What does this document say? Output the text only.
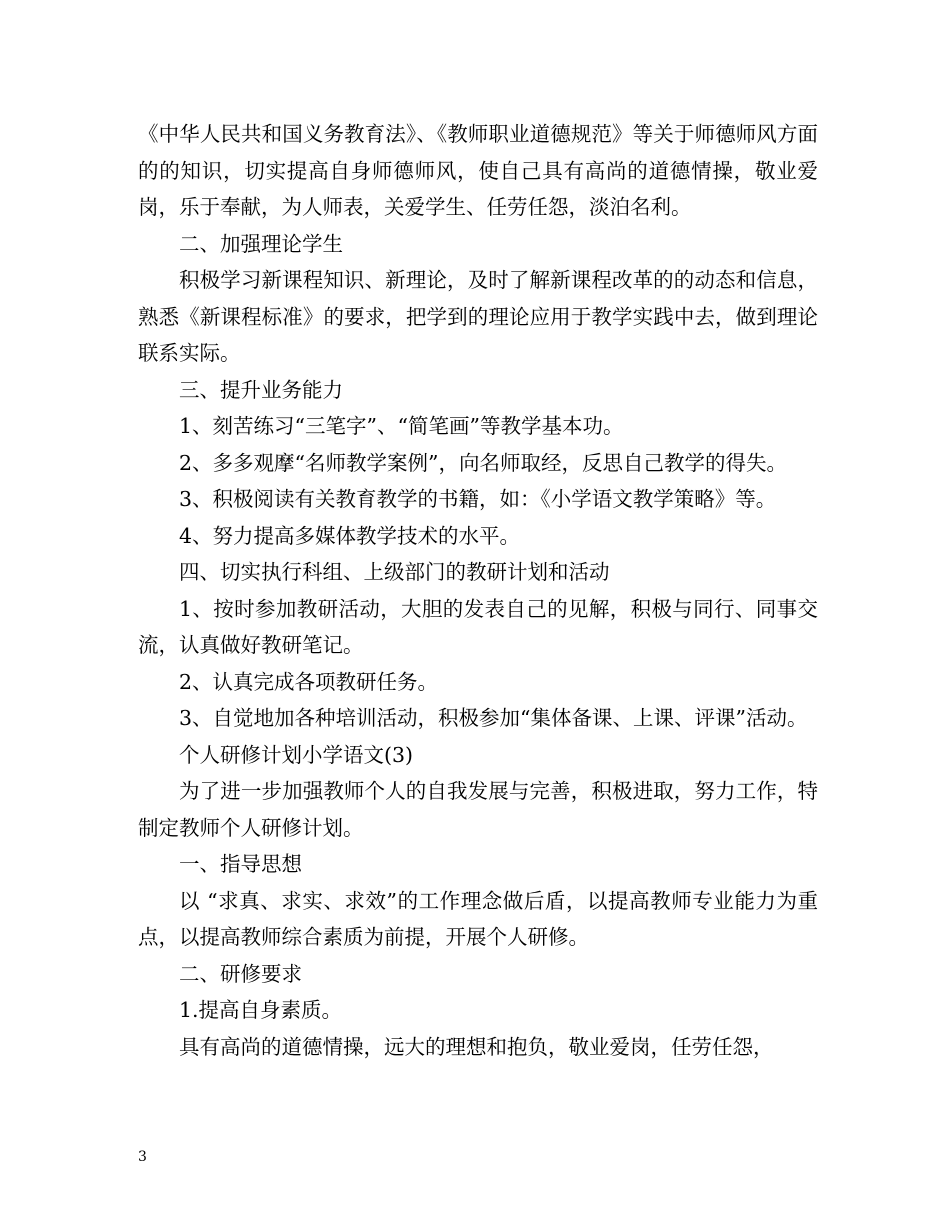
《中华人民共和国义务教育法》、《教师职业道德规范》等关于师德师风方面的的知识，切实提高自身师德师风，使自己具有高尚的道德情操，敬业爱岗，乐于奉献，为人师表，关爱学生、任劳任怨，淡泊名利。

二、加强理论学生

积极学习新课程知识、新理论，及时了解新课程改革的的动态和信息，熟悉《新课程标准》的要求，把学到的理论应用于教学实践中去，做到理论联系实际。

三、提升业务能力

1、刻苦练习“三笔字”、“简笔画”等教学基本功。

2、多多观摩“名师教学案例”，向名师取经，反思自己教学的得失。

3、积极阅读有关教育教学的书籍，如：《小学语文教学策略》等。

4、努力提高多媒体教学技术的水平。

四、切实执行科组、上级部门的教研计划和活动

1、按时参加教研活动，大胆的发表自己的见解，积极与同行、同事交流，认真做好教研笔记。

2、认真完成各项教研任务。

3、自觉地加各种培训活动，积极参加“集体备课、上课、评课”活动。

个人研修计划小学语文(3)

为了进一步加强教师个人的自我发展与完善，积极进取，努力工作，特制定教师个人研修计划。

一、指导思想

以 “求真、求实、求效”的工作理念做后盾，以提高教师专业能力为重点，以提高教师综合素质为前提，开展个人研修。

二、研修要求

1.提高自身素质。

具有高尚的道德情操，远大的理想和抱负，敬业爱岗，任劳任怨，

3
